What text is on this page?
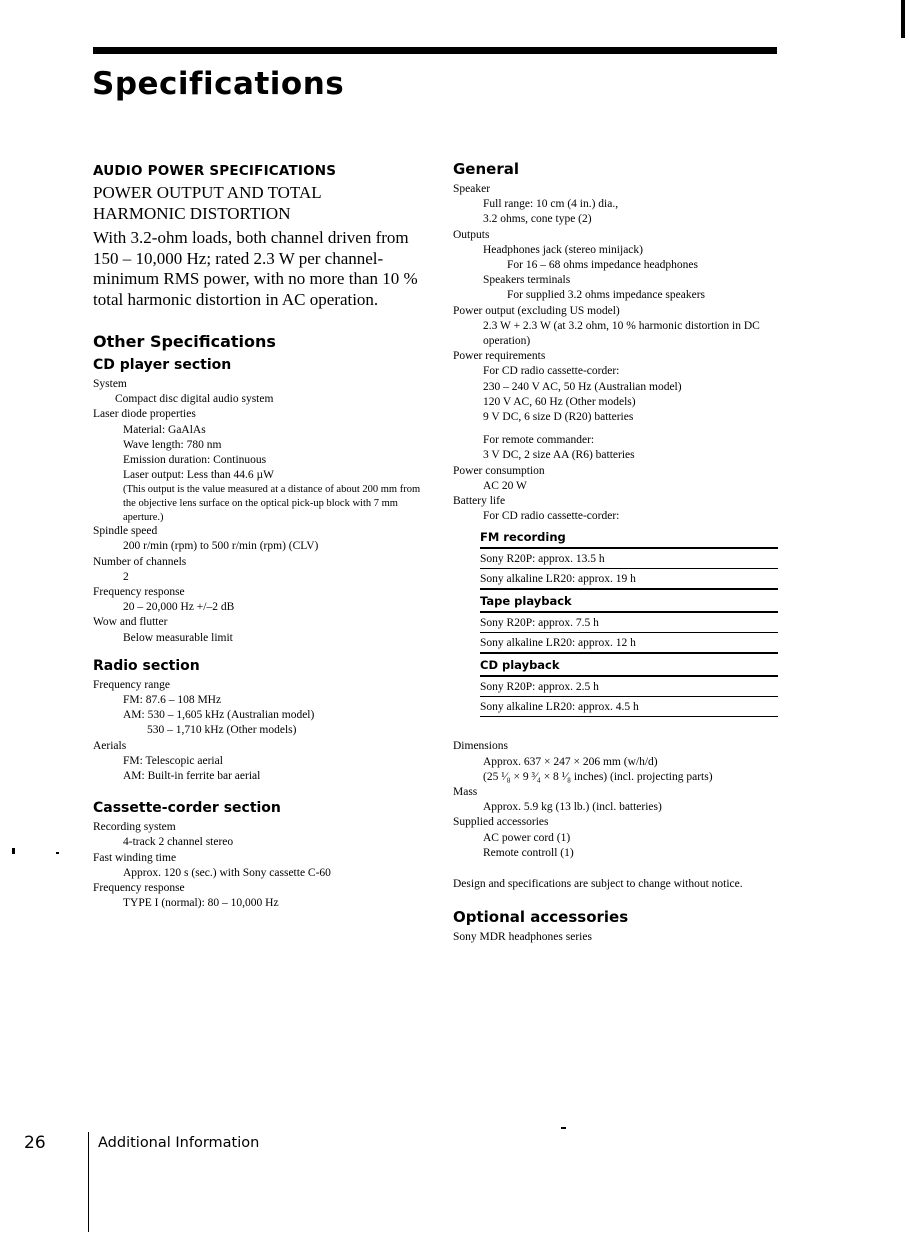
Specifications

AUDIO POWER SPECIFICATIONS

POWER OUTPUT AND TOTAL

HARMONIC DISTORTION

With 3.2-ohm loads, both channel driven from 150 – 10,000 Hz; rated 2.3 W per channel-minimum RMS power, with no more than 10 % total harmonic distortion in AC operation.

Other Specifications

CD player section

System
Compact disc digital audio system
Laser diode properties
Material: GaAlAs
Wave length: 780 nm
Emission duration: Continuous
Laser output: Less than 44.6 µW
(This output is the value measured at a distance of about 200 mm from the objective lens surface on the optical pick-up block with 7 mm aperture.)
Spindle speed
200 r/min (rpm) to 500 r/min (rpm) (CLV)
Number of channels
2
Frequency response
20 – 20,000 Hz +/–2 dB
Wow and flutter
Below measurable limit

Radio section

Frequency range
FM: 87.6 – 108 MHz
AM: 530 – 1,605 kHz (Australian model)
530 – 1,710 kHz (Other models)
Aerials
FM: Telescopic aerial
AM: Built-in ferrite bar aerial

Cassette-corder section

Recording system
4-track 2 channel stereo
Fast winding time
Approx. 120 s (sec.) with Sony cassette C-60
Frequency response
TYPE I (normal): 80 – 10,000 Hz

General

Speaker
Full range: 10 cm (4 in.) dia.,
3.2 ohms, cone type (2)
Outputs
Headphones jack (stereo minijack)
For 16 – 68 ohms impedance headphones
Speakers terminals
For supplied 3.2 ohms impedance speakers
Power output (excluding US model)
2.3 W + 2.3 W (at 3.2 ohm, 10 % harmonic distortion in DC operation)
Power requirements
For CD radio cassette-corder:
230 – 240 V AC, 50 Hz (Australian model)
120 V AC, 60 Hz (Other models)
9 V DC, 6 size D (R20) batteries
For remote commander:
3 V DC, 2 size AA (R6) batteries
Power consumption
AC 20 W
Battery life
For CD radio cassette-corder:
FM recording
Sony R20P: approx. 13.5 h
Sony alkaline LR20: approx. 19 h
Tape playback
Sony R20P: approx. 7.5 h
Sony alkaline LR20: approx. 12 h
CD playback
Sony R20P: approx. 2.5 h
Sony alkaline LR20: approx. 4.5 h
Dimensions
Approx. 637 × 247 × 206 mm (w/h/d)
(25 ¹⁄₈ × 9 ³⁄₄ × 8 ¹⁄₈ inches) (incl. projecting parts)
Mass
Approx. 5.9 kg (13 lb.) (incl. batteries)
Supplied accessories
AC power cord (1)
Remote controll (1)

Design and specifications are subject to change without notice.

Optional accessories

Sony MDR headphones series

26	Additional Information
